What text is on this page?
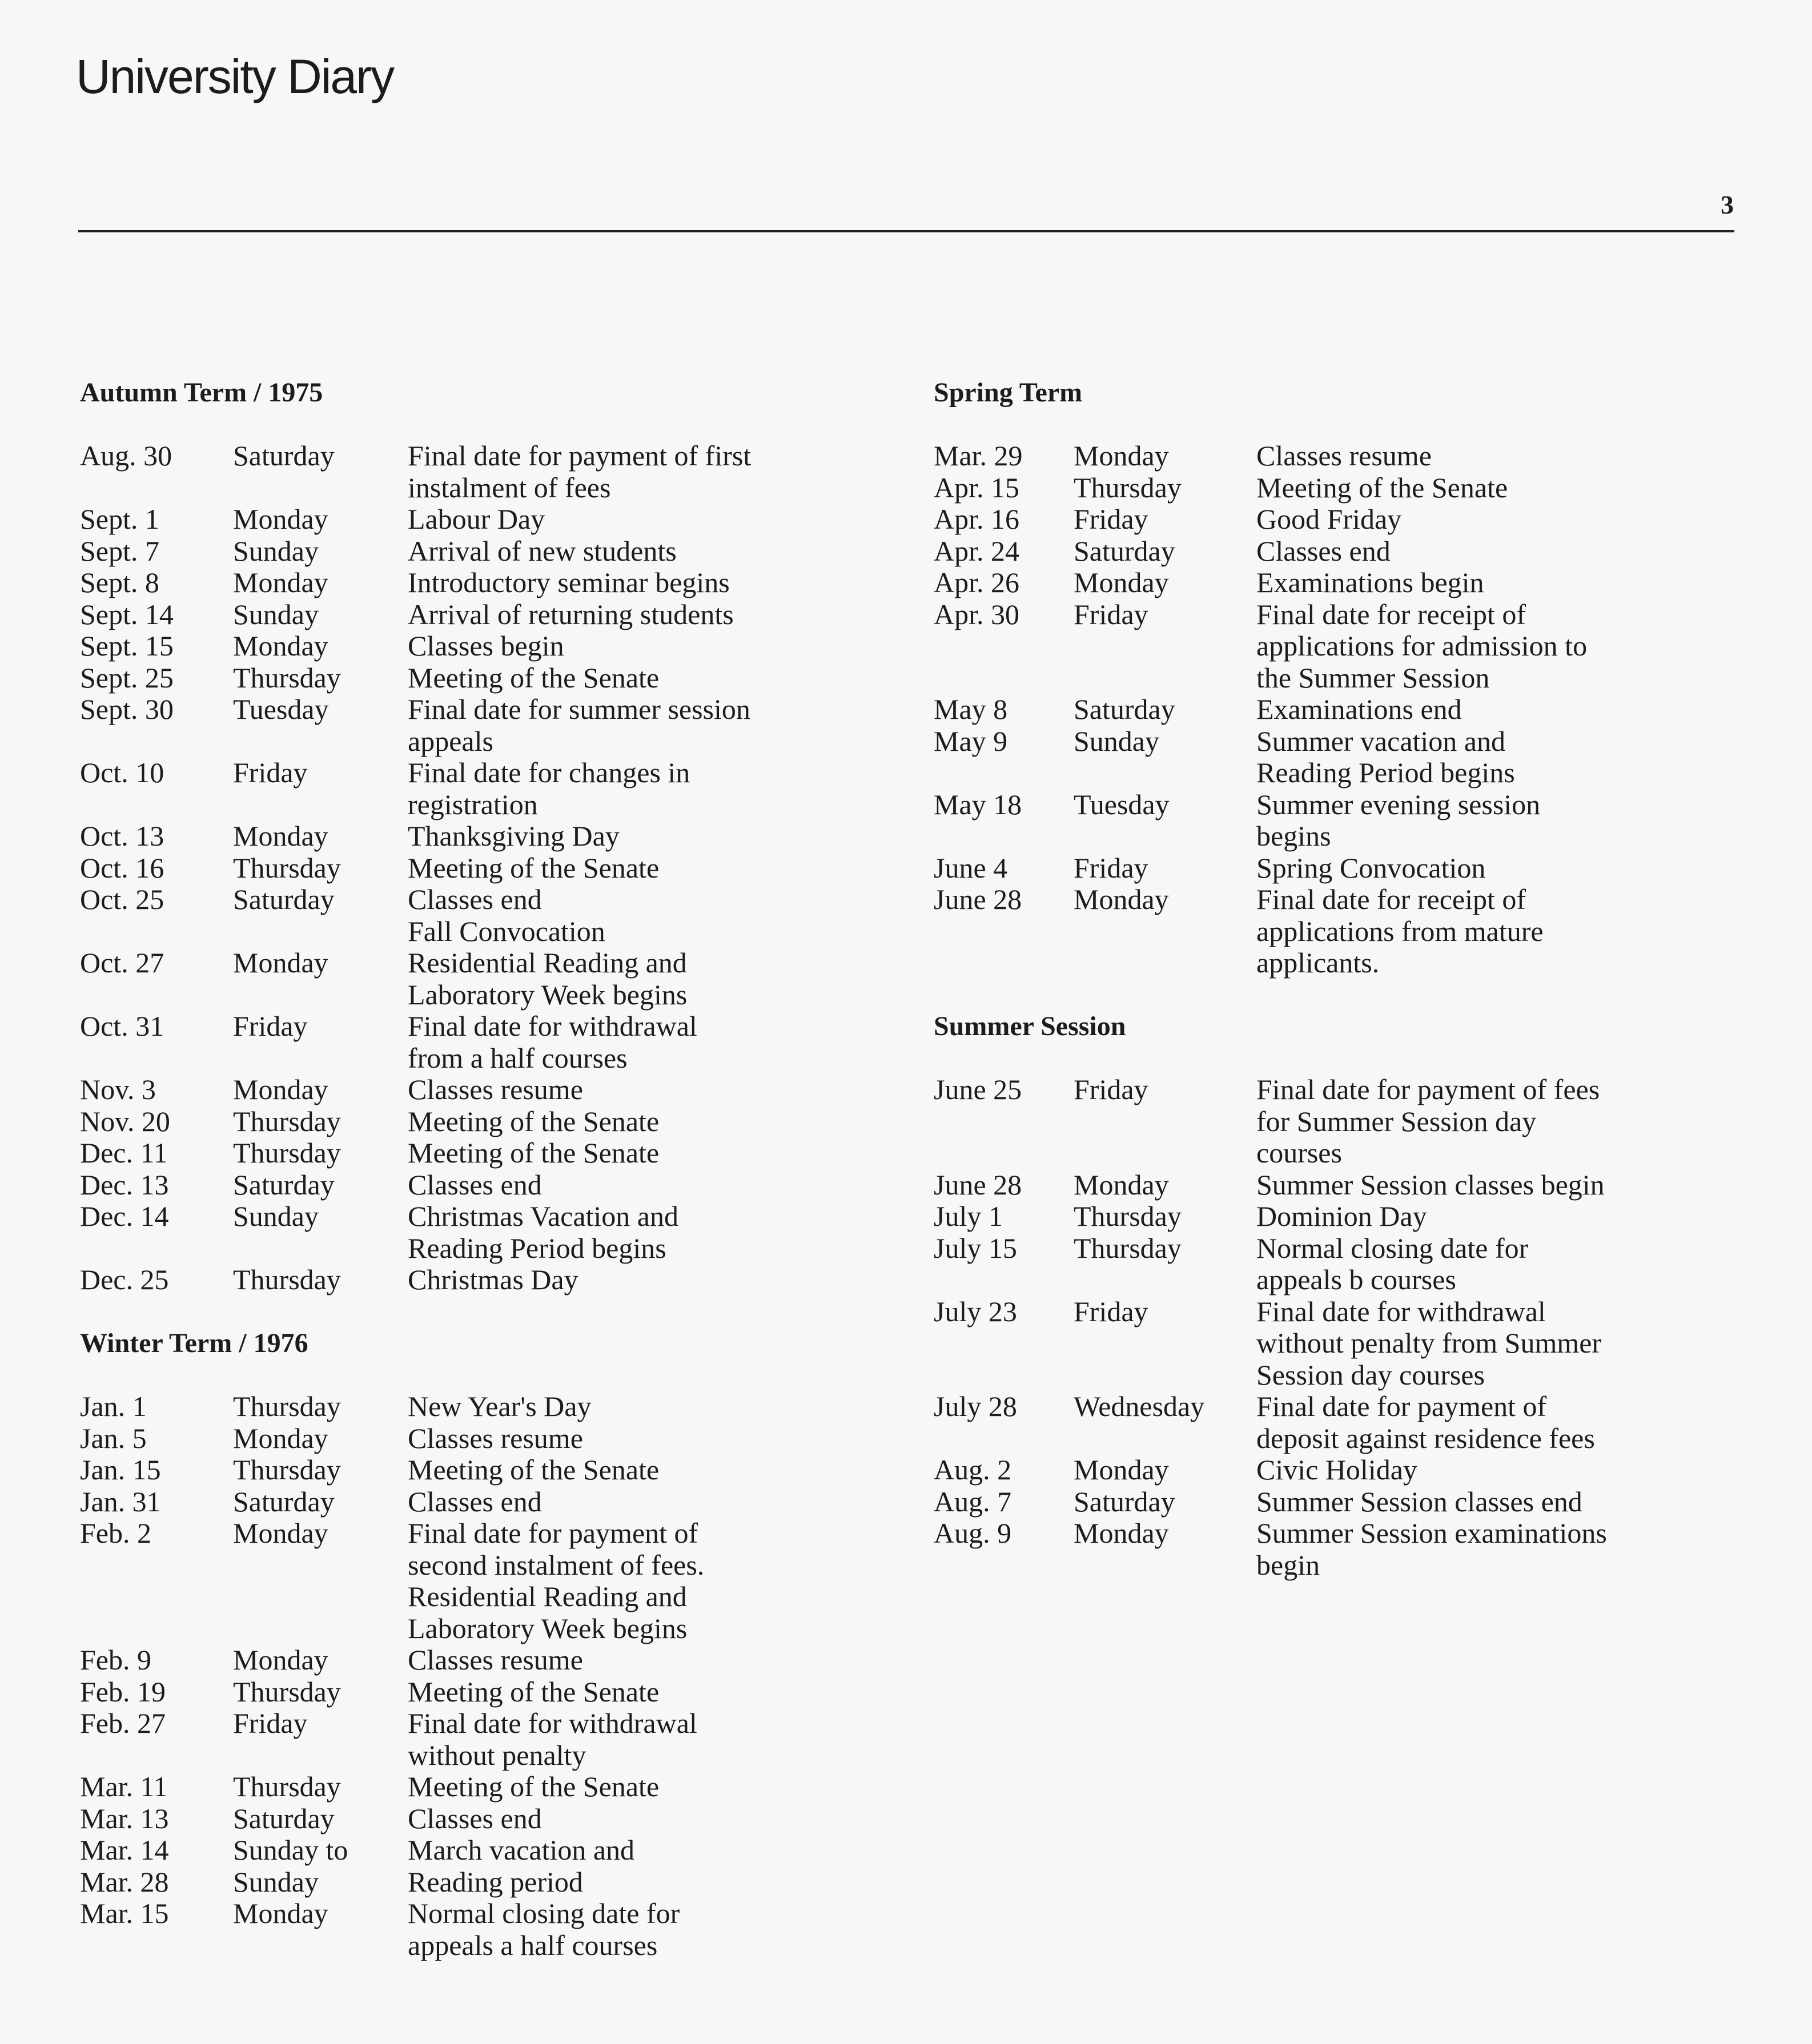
University Diary
3
Autumn Term / 1975
Aug. 30	Saturday	Final date for payment of first
instalment of fees
Sept. 1	Monday	Labour Day
Sept. 7	Sunday	Arrival of new students
Sept. 8	Monday	Introductory seminar begins
Sept. 14	Sunday	Arrival of returning students
Sept. 15	Monday	Classes begin
Sept. 25	Thursday	Meeting of the Senate
Sept. 30	Tuesday	Final date for summer session
appeals
Oct. 10	Friday	Final date for changes in
registration
Oct. 13	Monday	Thanksgiving Day
Oct. 16	Thursday	Meeting of the Senate
Oct. 25	Saturday	Classes end
Fall Convocation
Oct. 27	Monday	Residential Reading and
Laboratory Week begins
Oct. 31	Friday	Final date for withdrawal
from a half courses
Nov. 3	Monday	Classes resume
Nov. 20	Thursday	Meeting of the Senate
Dec. 11	Thursday	Meeting of the Senate
Dec. 13	Saturday	Classes end
Dec. 14	Sunday	Christmas Vacation and
Reading Period begins
Dec. 25	Thursday	Christmas Day
Winter Term / 1976
Jan. 1	Thursday	New Year's Day
Jan. 5	Monday	Classes resume
Jan. 15	Thursday	Meeting of the Senate
Jan. 31	Saturday	Classes end
Feb. 2	Monday	Final date for payment of
second instalment of fees.
Residential Reading and
Laboratory Week begins
Feb. 9	Monday	Classes resume
Feb. 19	Thursday	Meeting of the Senate
Feb. 27	Friday	Final date for withdrawal
without penalty
Mar. 11	Thursday	Meeting of the Senate
Mar. 13	Saturday	Classes end
Mar. 14	Sunday to	March vacation and
Mar. 28	Sunday	Reading period
Mar. 15	Monday	Normal closing date for
appeals a half courses
Spring Term
Mar. 29	Monday	Classes resume
Apr. 15	Thursday	Meeting of the Senate
Apr. 16	Friday	Good Friday
Apr. 24	Saturday	Classes end
Apr. 26	Monday	Examinations begin
Apr. 30	Friday	Final date for receipt of
applications for admission to
the Summer Session
May 8	Saturday	Examinations end
May 9	Sunday	Summer vacation and
Reading Period begins
May 18	Tuesday	Summer evening session
begins
June 4	Friday	Spring Convocation
June 28	Monday	Final date for receipt of
applications from mature
applicants.
Summer Session
June 25	Friday	Final date for payment of fees
for Summer Session day
courses
June 28	Monday	Summer Session classes begin
July 1	Thursday	Dominion Day
July 15	Thursday	Normal closing date for
appeals b courses
July 23	Friday	Final date for withdrawal
without penalty from Summer
Session day courses
July 28	Wednesday	Final date for payment of
deposit against residence fees
Aug. 2	Monday	Civic Holiday
Aug. 7	Saturday	Summer Session classes end
Aug. 9	Monday	Summer Session examinations
begin
